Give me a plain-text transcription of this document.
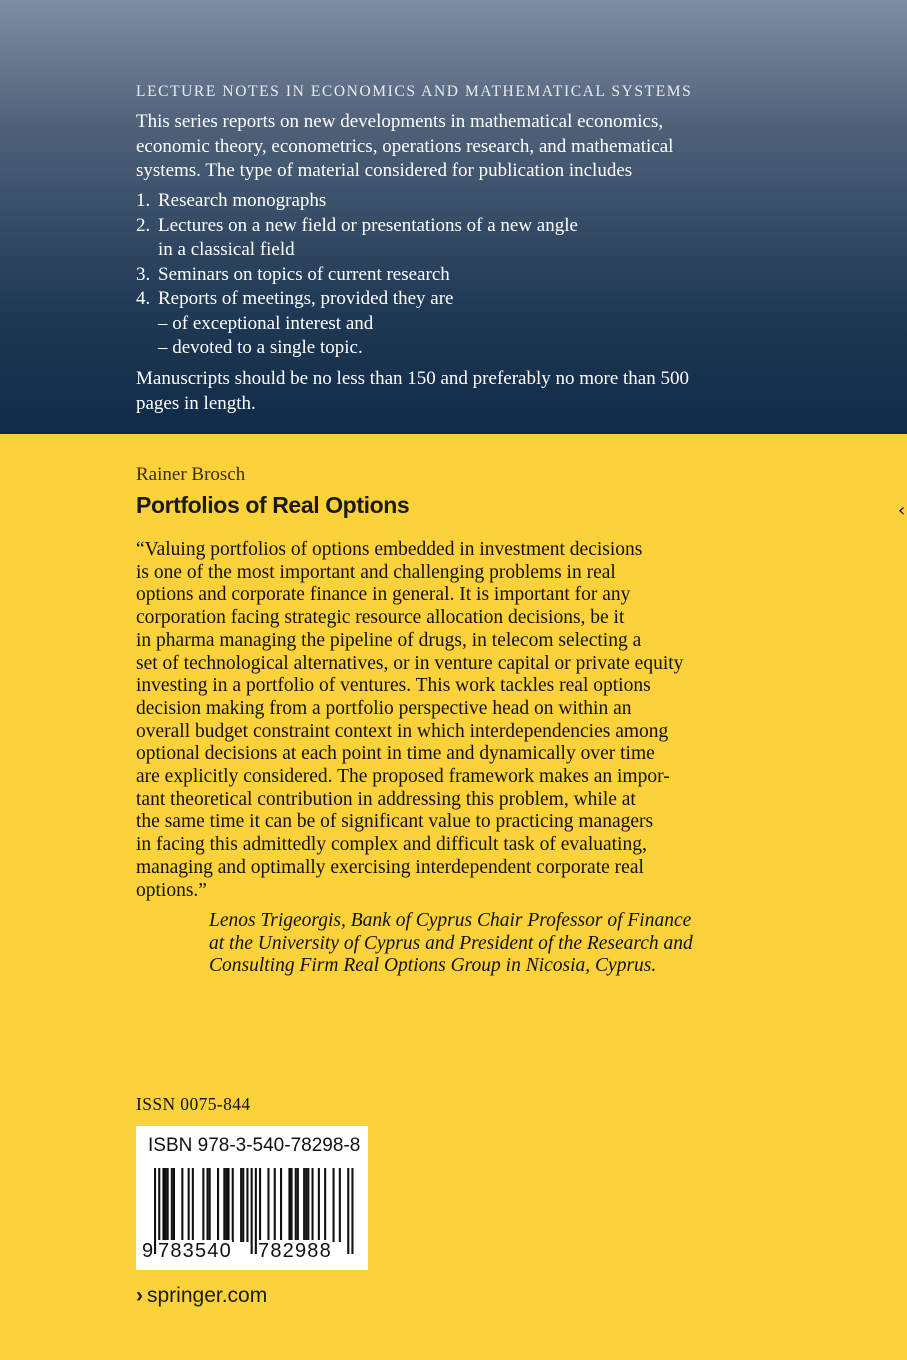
LECTURE NOTES IN ECONOMICS AND MATHEMATICAL SYSTEMS

This series reports on new developments in mathematical economics, economic theory, econometrics, operations research, and mathematical systems. The type of material considered for publication includes

1. Research monographs
2. Lectures on a new field or presentations of a new angle
in a classical field
3. Seminars on topics of current research
4. Reports of meetings, provided they are
– of exceptional interest and
– devoted to a single topic.

Manuscripts should be no less than 150 and preferably no more than 500 pages in length.

Rainer Brosch
Portfolios of Real Options	‹

“Valuing portfolios of options embedded in investment decisions
is one of the most important and challenging problems in real
options and corporate finance in general. It is important for any
corporation facing strategic resource allocation decisions, be it
in pharma managing the pipeline of drugs, in telecom selecting a
set of technological alternatives, or in venture capital or private equity
investing in a portfolio of ventures. This work tackles real options
decision making from a portfolio perspective head on within an
overall budget constraint context in which interdependencies among
optional decisions at each point in time and dynamically over time
are explicitly considered. The proposed framework makes an impor-
tant theoretical contribution in addressing this problem, while at
the same time it can be of significant value to practicing managers
in facing this admittedly complex and difficult task of evaluating,
managing and optimally exercising interdependent corporate real
options.”

Lenos Trigeorgis, Bank of Cyprus Chair Professor of Finance
at the University of Cyprus and President of the Research and
Consulting Firm Real Options Group in Nicosia, Cyprus.

ISSN 0075-844
ISBN 978-3-540-78298-8
9 783540 782988
› springer.com
